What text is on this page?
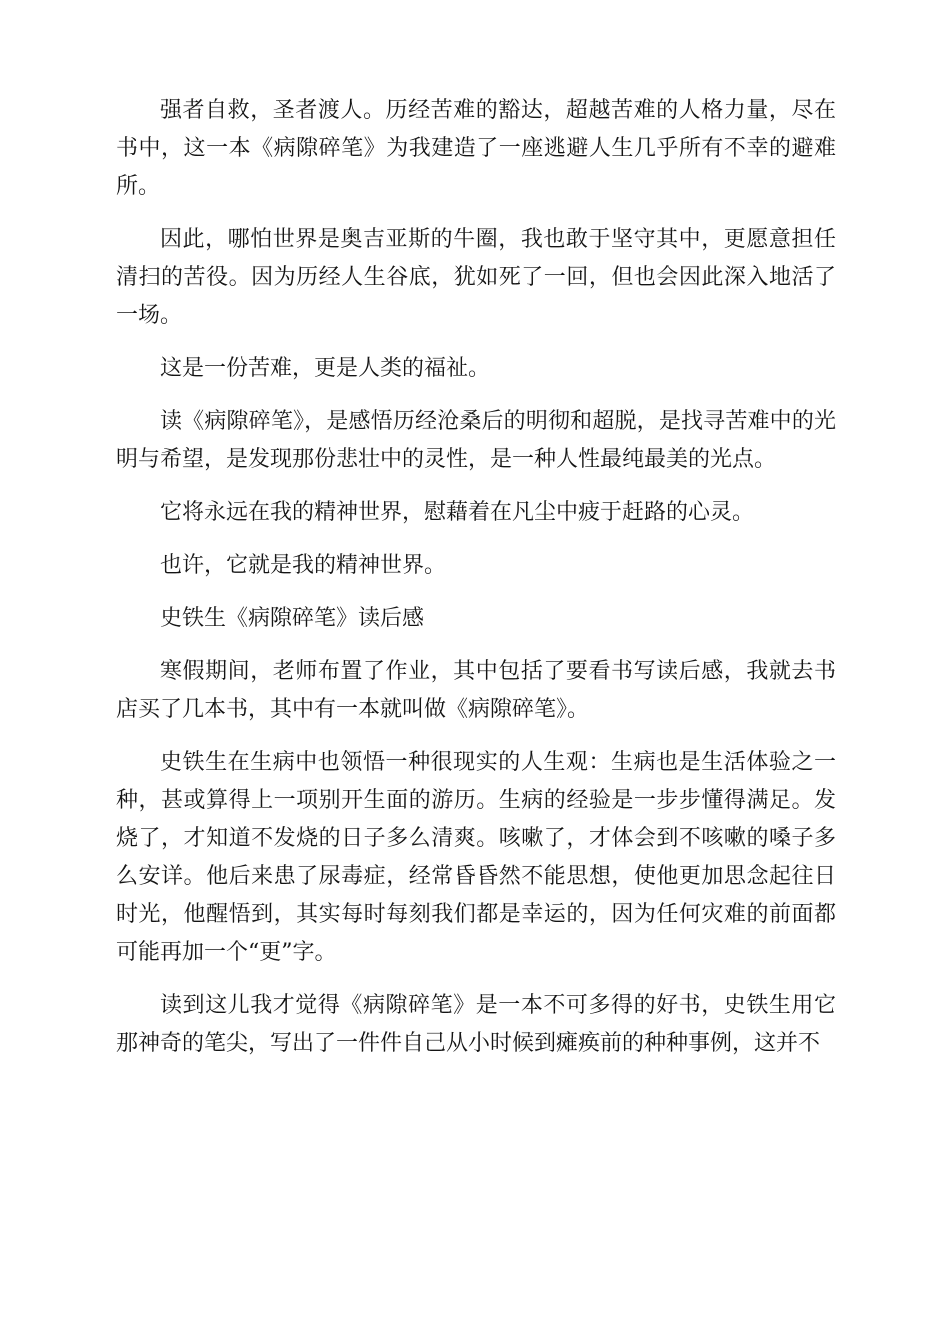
强者自救，圣者渡人。历经苦难的豁达，超越苦难的人格力量，尽在书中，这一本《病隙碎笔》为我建造了一座逃避人生几乎所有不幸的避难所。

因此，哪怕世界是奥吉亚斯的牛圈，我也敢于坚守其中，更愿意担任清扫的苦役。因为历经人生谷底，犹如死了一回，但也会因此深入地活了一场。

这是一份苦难，更是人类的福祉。

读《病隙碎笔》，是感悟历经沧桑后的明彻和超脱，是找寻苦难中的光明与希望，是发现那份悲壮中的灵性，是一种人性最纯最美的光点。

它将永远在我的精神世界，慰藉着在凡尘中疲于赶路的心灵。

也许，它就是我的精神世界。

史铁生《病隙碎笔》读后感

寒假期间，老师布置了作业，其中包括了要看书写读后感，我就去书店买了几本书，其中有一本就叫做《病隙碎笔》。

史铁生在生病中也领悟一种很现实的人生观：生病也是生活体验之一种，甚或算得上一项别开生面的游历。生病的经验是一步步懂得满足。发烧了，才知道不发烧的日子多么清爽。咳嗽了，才体会到不咳嗽的嗓子多么安详。他后来患了尿毒症，经常昏昏然不能思想，使他更加思念起往日时光，他醒悟到，其实每时每刻我们都是幸运的，因为任何灾难的前面都可能再加一个“更”字。

读到这儿我才觉得《病隙碎笔》是一本不可多得的好书，史铁生用它那神奇的笔尖，写出了一件件自己从小时候到瘫痪前的种种事例，这并不
